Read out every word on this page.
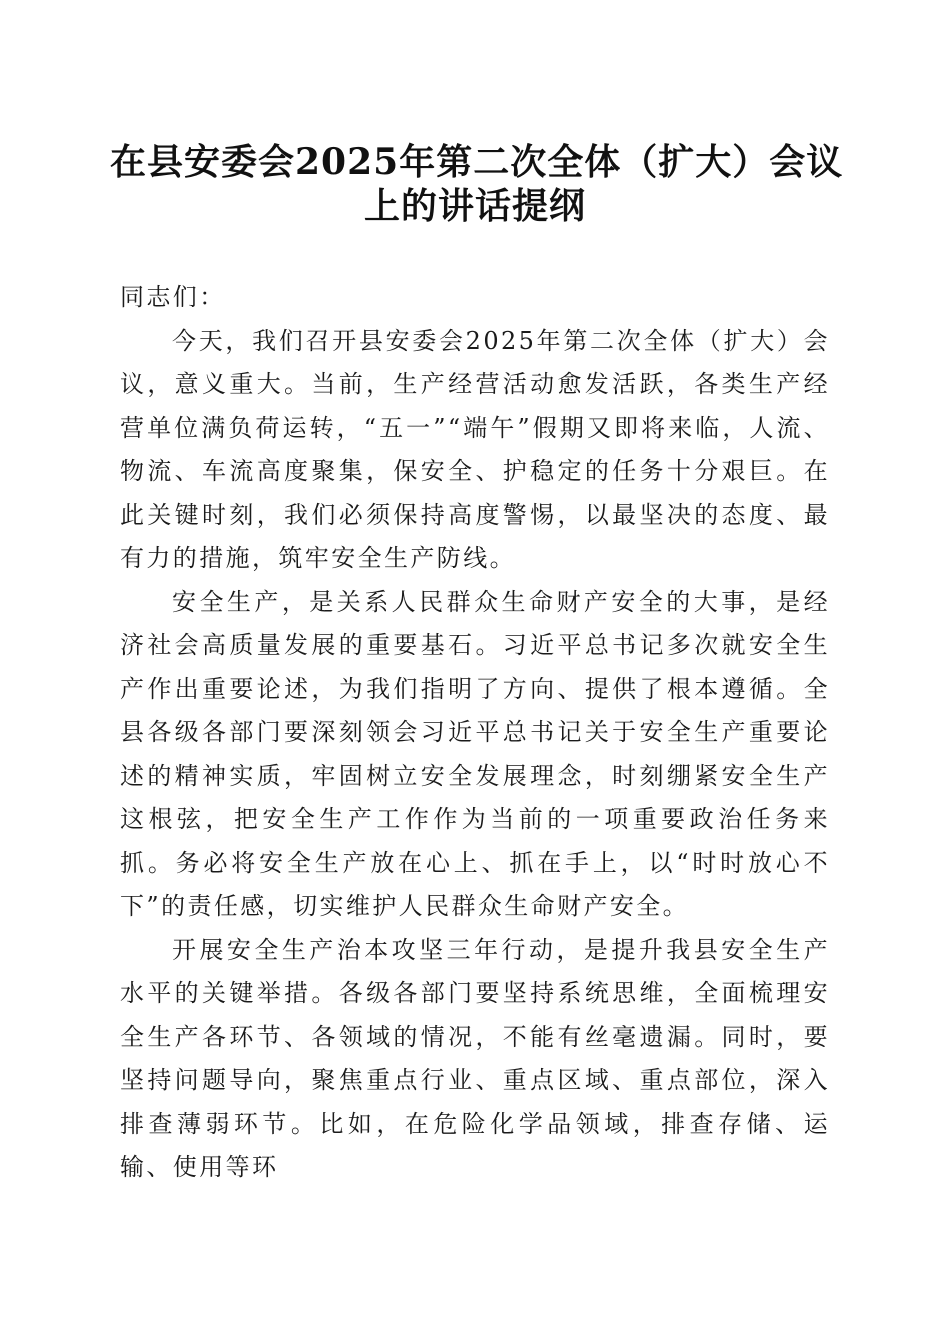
在县安委会2025年第二次全体（扩大）会议
上的讲话提纲

同志们：

今天，我们召开县安委会2025年第二次全体（扩大）会议，意义重大。当前，生产经营活动愈发活跃，各类生产经营单位满负荷运转，“五一”“端午”假期又即将来临，人流、物流、车流高度聚集，保安全、护稳定的任务十分艰巨。在此关键时刻，我们必须保持高度警惕，以最坚决的态度、最有力的措施，筑牢安全生产防线。

安全生产，是关系人民群众生命财产安全的大事，是经济社会高质量发展的重要基石。习近平总书记多次就安全生产作出重要论述，为我们指明了方向、提供了根本遵循。全县各级各部门要深刻领会习近平总书记关于安全生产重要论述的精神实质，牢固树立安全发展理念，时刻绷紧安全生产这根弦，把安全生产工作作为当前的一项重要政治任务来抓。务必将安全生产放在心上、抓在手上，以“时时放心不下”的责任感，切实维护人民群众生命财产安全。

开展安全生产治本攻坚三年行动，是提升我县安全生产水平的关键举措。各级各部门要坚持系统思维，全面梳理安全生产各环节、各领域的情况，不能有丝毫遗漏。同时，要坚持问题导向，聚焦重点行业、重点区域、重点部位，深入排查薄弱环节。比如，在危险化学品领域，排查存储、运输、使用等环
